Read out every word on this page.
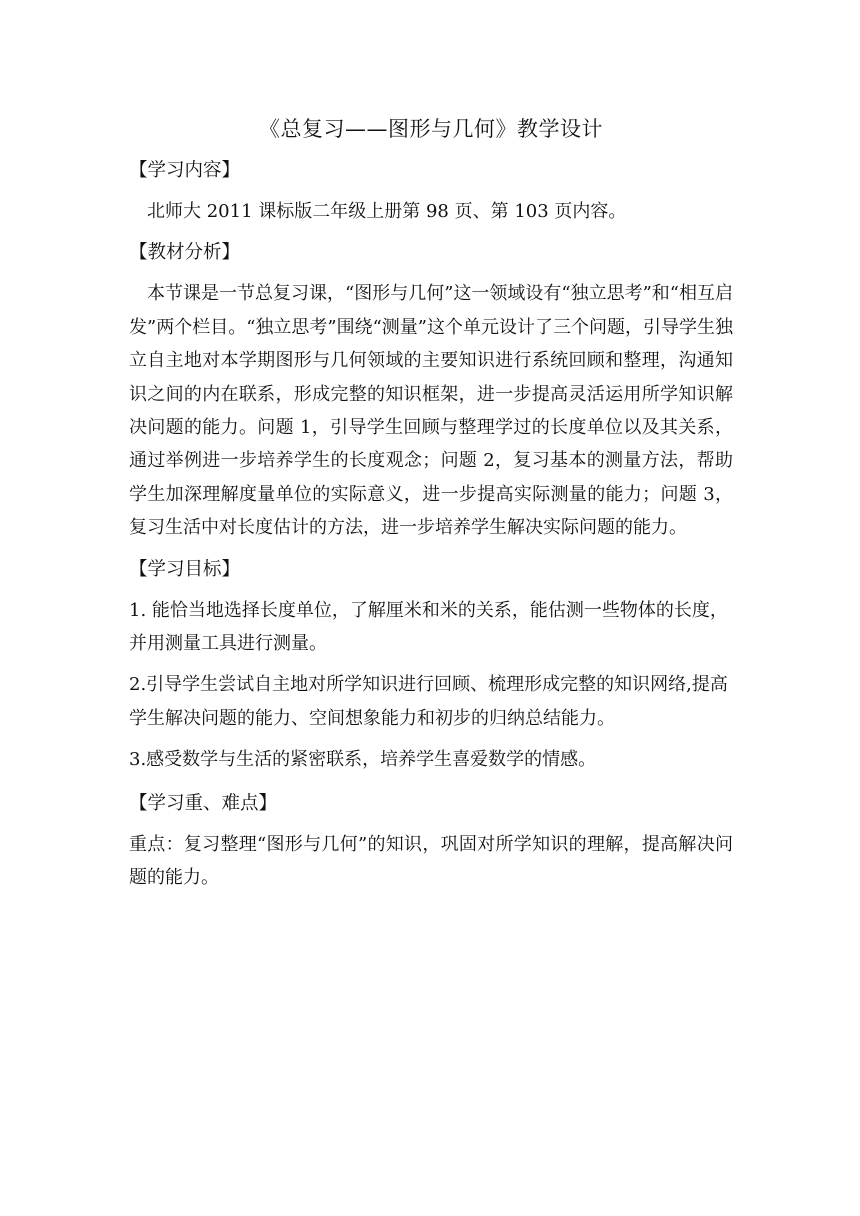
《总复习——图形与几何》教学设计
【学习内容】

北师大 2011 课标版二年级上册第 98 页、第 103 页内容。

【教材分析】

本节课是一节总复习课，“图形与几何”这一领域设有“独立思考”和“相互启发”两个栏目。“独立思考”围绕“测量”这个单元设计了三个问题，引导学生独立自主地对本学期图形与几何领域的主要知识进行系统回顾和整理，沟通知识之间的内在联系，形成完整的知识框架，进一步提高灵活运用所学知识解决问题的能力。问题 1，引导学生回顾与整理学过的长度单位以及其关系，通过举例进一步培养学生的长度观念；问题 2，复习基本的测量方法，帮助学生加深理解度量单位的实际意义，进一步提高实际测量的能力；问题 3，复习生活中对长度估计的方法，进一步培养学生解决实际问题的能力。

【学习目标】

1. 能恰当地选择长度单位，了解厘米和米的关系，能估测一些物体的长度，并用测量工具进行测量。

2.引导学生尝试自主地对所学知识进行回顾、梳理形成完整的知识网络,提高学生解决问题的能力、空间想象能力和初步的归纳总结能力。

3.感受数学与生活的紧密联系，培养学生喜爱数学的情感。

【学习重、难点】

重点：复习整理“图形与几何”的知识，巩固对所学知识的理解，提高解决问题的能力。
